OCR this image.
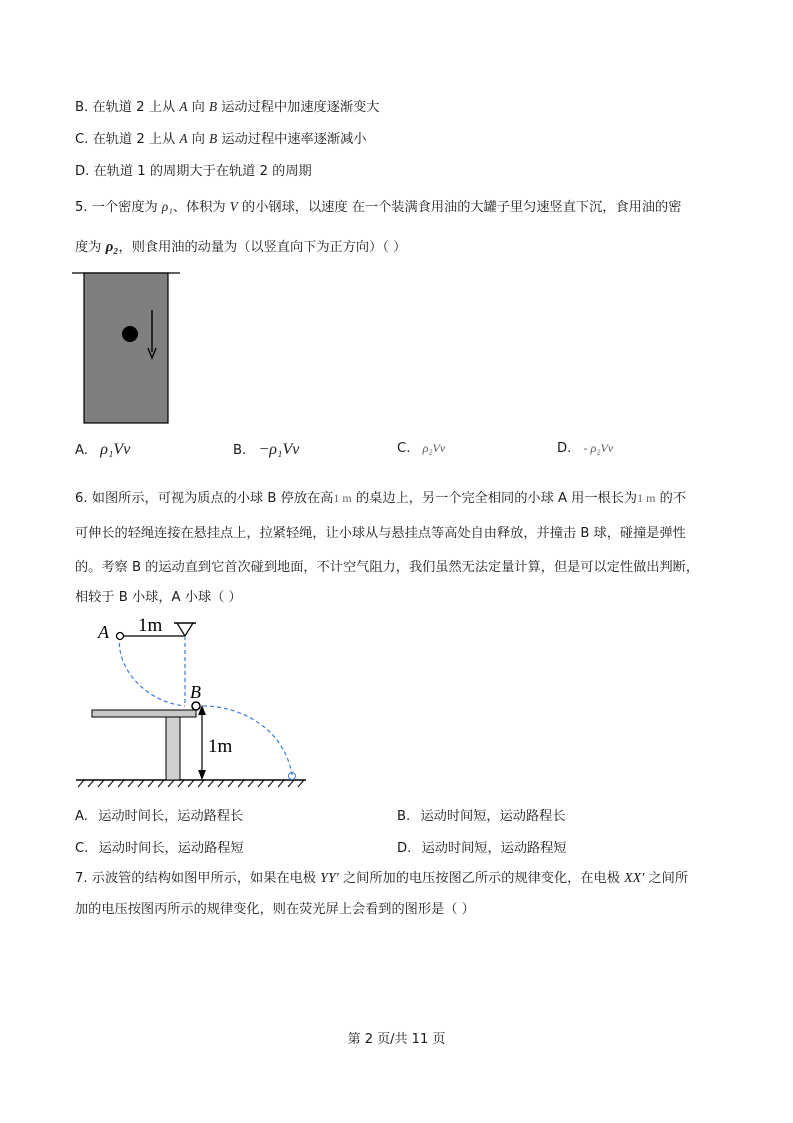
B. 在轨道 2 上从 A 向 B 运动过程中加速度逐渐变大
C. 在轨道 2 上从 A 向 B 运动过程中速率逐渐减小
D. 在轨道 1 的周期大于在轨道 2 的周期
5. 一个密度为 ρ₁、体积为 V 的小钢球，以速度 在一个装满食用油的大罐子里匀速竖直下沉，食用油的密
度为 ρ₂，则食用油的动量为（以竖直向下为正方向）（ ）
A. ρ₁Vv	B. −ρ₁Vv	C. ρ₂Vv	D. - ρ₂Vv
6. 如图所示，可视为质点的小球 B 停放在高1 m 的桌边上，另一个完全相同的小球 A 用一根长为1 m 的不
可伸长的轻绳连接在悬挂点上，拉紧轻绳，让小球从与悬挂点等高处自由释放，并撞击 B 球，碰撞是弹性
的。考察 B 的运动直到它首次碰到地面，不计空气阻力，我们虽然无法定量计算，但是可以定性做出判断，
相较于 B 小球，A 小球（ ）
A
B
1m
1m
A. 运动时间长，运动路程长	B. 运动时间短，运动路程长
C. 运动时间长，运动路程短	D. 运动时间短，运动路程短
7. 示波管的结构如图甲所示，如果在电极 YY′ 之间所加的电压按图乙所示的规律变化，在电极 XX′ 之间所
加的电压按图丙所示的规律变化，则在荧光屏上会看到的图形是（ ）
第 2 页/共 11 页
